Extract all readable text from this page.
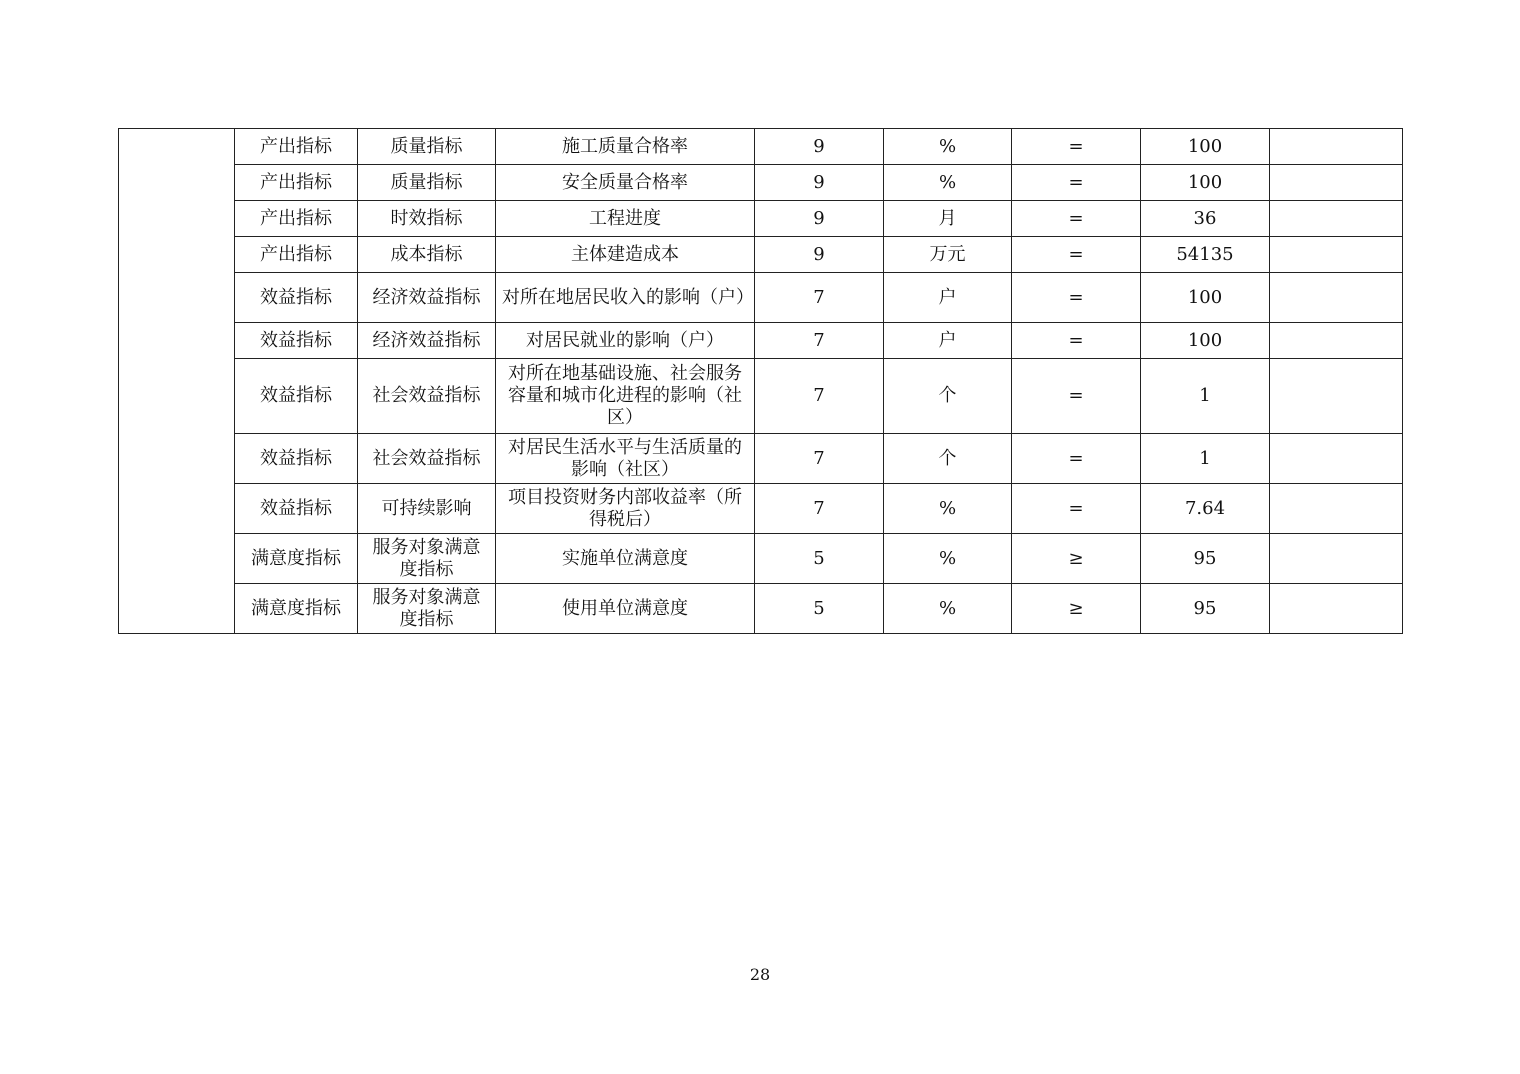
	产出指标	质量指标	施工质量合格率	9	%	=	100	
	产出指标	质量指标	安全质量合格率	9	%	=	100	
	产出指标	时效指标	工程进度	9	月	=	36	
	产出指标	成本指标	主体建造成本	9	万元	=	54135	
	效益指标	经济效益指标	对所在地居民收入的影响（户）	7	户	=	100	
	效益指标	经济效益指标	对居民就业的影响（户）	7	户	=	100	
	效益指标	社会效益指标	对所在地基础设施、社会服务容量和城市化进程的影响（社区）	7	个	=	1	
	效益指标	社会效益指标	对居民生活水平与生活质量的影响（社区）	7	个	=	1	
	效益指标	可持续影响	项目投资财务内部收益率（所得税后）	7	%	=	7.64	
	满意度指标	服务对象满意度指标	实施单位满意度	5	%	≥	95	
	满意度指标	服务对象满意度指标	使用单位满意度	5	%	≥	95	
28
